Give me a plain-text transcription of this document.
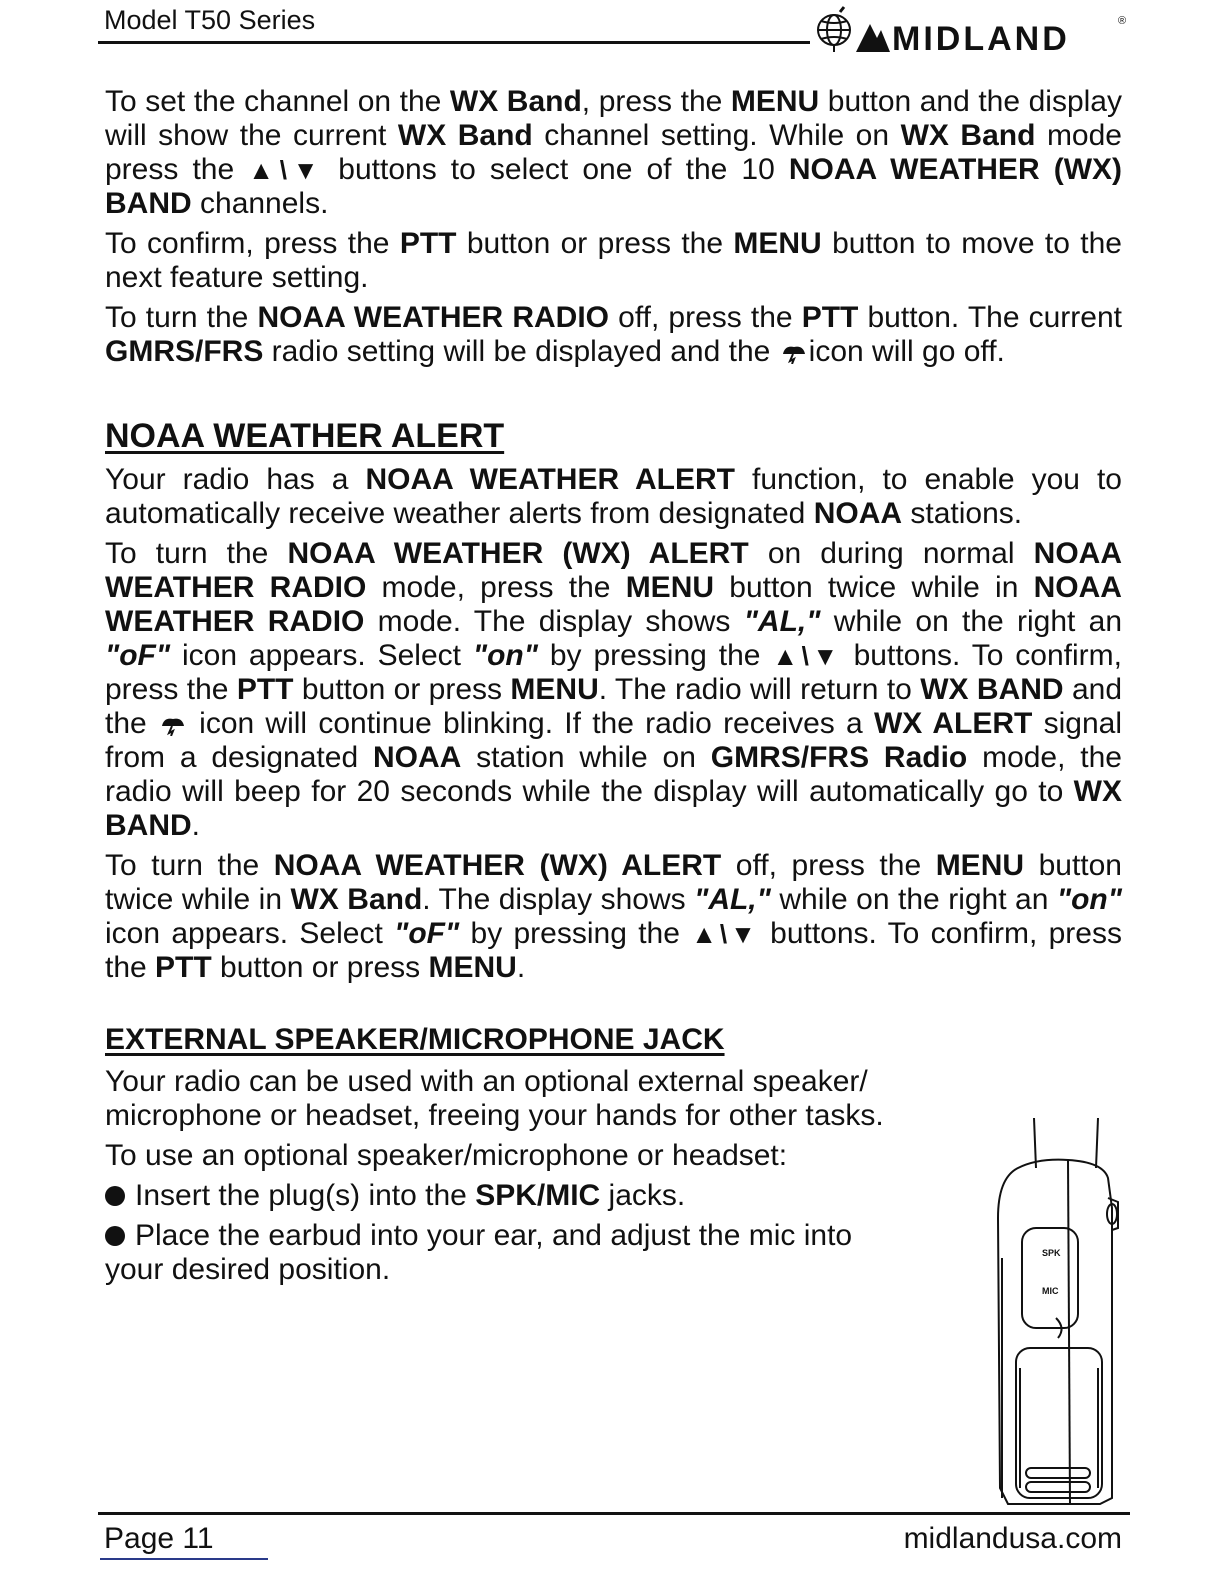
Model T50 Series	MIDLAND	®

To set the channel on the WX Band, press the MENU button and the display will show the current WX Band channel setting. While on WX Band mode press the ▲\▼ buttons to select one of the 10 NOAA WEATHER (WX) BAND channels.

To confirm, press the PTT button or press the MENU button to move to the next feature setting.

To turn the NOAA WEATHER RADIO off, press the PTT button. The current GMRS/FRS radio setting will be displayed and the icon will go off.

NOAA WEATHER ALERT

Your radio has a NOAA WEATHER ALERT function, to enable you to automatically receive weather alerts from designated NOAA stations.

To turn the NOAA WEATHER (WX) ALERT on during normal NOAA WEATHER RADIO mode, press the MENU button twice while in NOAA WEATHER RADIO mode. The display shows "AL," while on the right an "oF" icon appears. Select "on" by pressing the ▲\▼ buttons. To confirm, press the PTT button or press MENU. The radio will return to WX BAND and the  icon will continue blinking. If the radio receives a WX ALERT signal from a designated NOAA station while on GMRS/FRS Radio mode, the radio will beep for 20 seconds while the display will automatically go to WX BAND.

To turn the NOAA WEATHER (WX) ALERT off, press the MENU button twice while in WX Band. The display shows "AL," while on the right an "on" icon appears. Select "oF" by pressing the ▲\▼ buttons. To confirm, press the PTT button or press MENU.

EXTERNAL SPEAKER/MICROPHONE JACK

Your radio can be used with an optional external speaker/ microphone or headset, freeing your hands for other tasks.

To use an optional speaker/microphone or headset:

Insert the plug(s) into the SPK/MIC jacks.

Place the earbud into your ear, and adjust the mic into your desired position.	SPK
MIC
Page 11	midlandusa.com
